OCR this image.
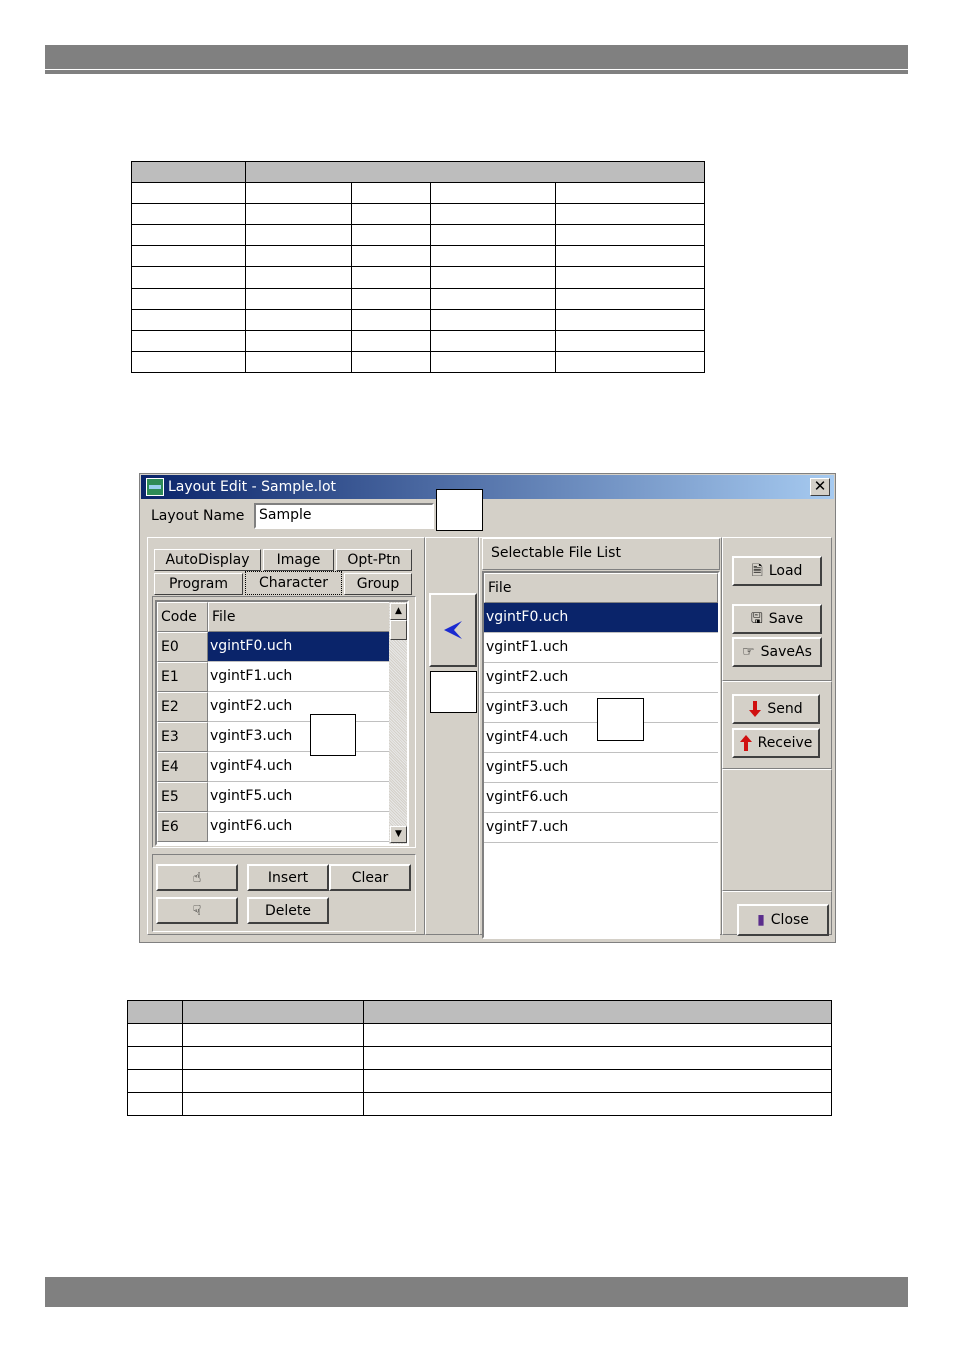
Layout Edit - Sample.lot	✕
Layout Name	Sample
AutoDisplay	Image	Opt-Ptn
Program	Character	Group
Code	File
E0	vgintF0.uch
E1	vgintF1.uch
E2	vgintF2.uch
E3	vgintF3.uch
E4	vgintF4.uch
E5	vgintF5.uch
E6	vgintF6.uch
▲
▼
☝	Insert	Clear
☟	Delete
Selectable File List
File
vgintF0.uch
vgintF1.uch
vgintF2.uch
vgintF3.uch
vgintF4.uch
vgintF5.uch
vgintF6.uch
vgintF7.uch
🗎 Load
🖫 Save
☞ SaveAs
Send
Receive
▮ Close
